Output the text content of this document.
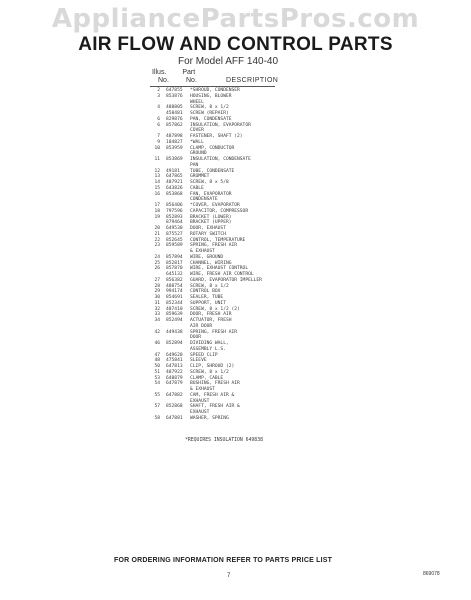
AppliancePartsPros.com
AIR FLOW AND CONTROL PARTS
For Model AFF 140-40
Illus. Part
No. No.	DESCRIPTION
2 647855 *SHROUD, CONDENSER
3 853876 HOUSING, BLOWER
WHEEL
4 488805 SCREW, 8 x 1/2
458481 SCREW (REPAIR)
6 829876 PAN, CONDENSATE
6 857862 INSULATION, EVAPORATOR
COVER
7 487898 FASTENER, SHAFT (2)
9 104827 *WALL
10 853959 CLAMP, CONDUCTOR
GROUND
11 853869 INSULATION, CONDENSATE
PAN
12 49181 TUBE, CONDENSATE
13 647865 GROMMET
14 487921 SCREW, 8 x 5/8
15 643826 CABLE
16 853868 FAN, EVAPORATOR
CONDENSATE
17 856406 *COVER, EVAPORATOR
18 797596 CAPACITOR, COMPRESSOR
19 852893 BRACKET (LOWER)
879464 BRACKET (UPPER)
20 649530 DOOR, EXHAUST
21 875527 ROTARY SWITCH
22 852645 CONTROL, TEMPERATURE
23 859589 SPRING, FRESH AIR
& EXHAUST
24 857894 WIRE, GROUND
25 852817 CHANNEL, WIRING
26 857870 WIRE, EXHAUST CONTROL
645132 WIRE, FRESH AIR CONTROL
27 856382 GUARD, EVAPORATOR IMPELLER
28 488754 SCREW, 8 x 1/2
29 994174 CONTROL BOX
30 854691 SEALER, TUBE
31 852344 SUPPORT, UNIT
32 487410 SCREW, 8 x 1/2 (2)
33 859639 DOOR, FRESH AIR
34 852494 ACTUATOR, FRESH
AIR DOOR
42 449438 SPRING, FRESH AIR
DOOR
46 852894 DIVIDING WALL,
ASSEMBLY L.S.
47 649620 SPEED CLIP
48 475841 SLEEVE
50 647813 CLIP, SHROUD (2)
51 487922 SCREW, 8 x 1/2
53 648879 CLAMP, CABLE
54 647879 BUSHING, FRESH AIR
& EXHAUST
55 647882 CAM, FRESH AIR &
EXHAUST
57 852868 SHAFT, FRESH AIR &
EXHAUST
58 647881 WASHER, SPRING
*REQUIRES INSULATION 649838
FOR ORDERING INFORMATION REFER TO PARTS PRICE LIST
7	869078
